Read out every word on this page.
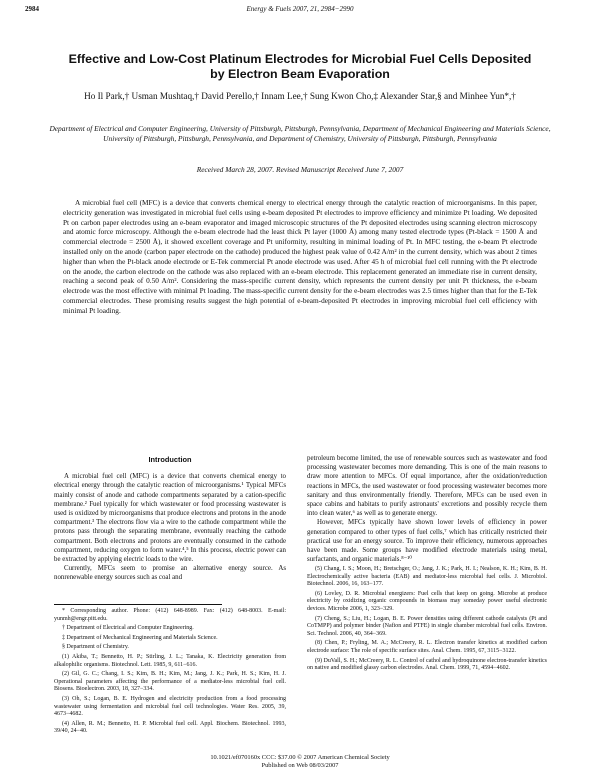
2984	Energy & Fuels 2007, 21, 2984−2990
Effective and Low-Cost Platinum Electrodes for Microbial Fuel Cells Deposited by Electron Beam Evaporation
Ho Il Park,† Usman Mushtaq,† David Perello,† Innam Lee,† Sung Kwon Cho,‡ Alexander Star,§ and Minhee Yun*,†
Department of Electrical and Computer Engineering, University of Pittsburgh, Pittsburgh, Pennsylvania, Department of Mechanical Engineering and Materials Science, University of Pittsburgh, Pittsburgh, Pennsylvania, and Department of Chemistry, University of Pittsburgh, Pittsburgh, Pennsylvania
Received March 28, 2007. Revised Manuscript Received June 7, 2007
A microbial fuel cell (MFC) is a device that converts chemical energy to electrical energy through the catalytic reaction of microorganisms. In this paper, electricity generation was investigated in microbial fuel cells using e-beam deposited Pt electrodes to improve efficiency and minimize Pt loading. We deposited Pt on carbon paper electrodes using an e-beam evaporator and imaged microscopic structures of the Pt deposited electrodes using scanning electron microscopy and atomic force microscopy. Although the e-beam electrode had the least thick Pt layer (1000 Å) among many tested electrode types (Pt-black = 1500 Å and commercial electrode = 2500 Å), it showed excellent coverage and Pt uniformity, resulting in minimal loading of Pt. In MFC testing, the e-beam Pt electrode installed only on the anode (carbon paper electrode on the cathode) produced the highest peak value of 0.42 A/m² in the current density, which was about 2 times higher than when the Pt-black anode electrode or E-Tek commercial Pt anode electrode was used. After 45 h of microbial fuel cell running with the Pt electrode on the anode, the carbon electrode on the cathode was also replaced with an e-beam electrode. This replacement generated an immediate rise in current density, reaching a second peak of 0.50 A/m². Considering the mass-specific current density, which represents the current density per unit Pt thickness, the e-beam electrode was the most effective with minimal Pt loading. The mass-specific current density for the e-beam electrodes was 2.5 times higher than that for the E-Tek commercial electrodes. These promising results suggest the high potential of e-beam-deposited Pt electrodes in improving microbial fuel cell efficiency with minimal Pt loading.
Introduction

A microbial fuel cell (MFC) is a device that converts chemical energy to electrical energy through the catalytic reaction of microorganisms.¹ Typical MFCs mainly consist of anode and cathode compartments separated by a cation-specific membrane.² Fuel typically for which wastewater or food processing wastewater is used is oxidized by microorganisms that produce electrons and protons in the anode compartment.³ The electrons flow via a wire to the cathode compartment while the protons pass through the separating membrane, eventually reaching the cathode compartment. Both electrons and protons are eventually consumed in the cathode compartment, reducing oxygen to form water.⁴,⁵ In this process, electric power can be extracted by applying electric loads to the wire.

Currently, MFCs seem to promise an alternative energy source. As nonrenewable energy sources such as coal and

petroleum become limited, the use of renewable sources such as wastewater and food processing wastewater becomes more demanding. This is one of the main reasons to draw more attention to MFCs. Of equal importance, after the oxidation/reduction reactions in MFCs, the used wastewater or food processing wastewater becomes more sanitary and thus environmentally friendly. Therefore, MFCs can be used even in space cabins and habitats to purify astronauts' excretions and possibly recycle them into clean water,⁶ as well as to generate energy.

However, MFCs typically have shown lower levels of efficiency in power generation compared to other types of fuel cells,⁷ which has critically restricted their practical use for an energy source. To improve their efficiency, numerous approaches have been made. Some groups have modified electrode materials using metal, surfactants, and organic materials.⁸⁻¹⁰

* Corresponding author. Phone: (412) 648-8989. Fax: (412) 648-8003. E-mail: yunmh@engr.pitt.edu.

† Department of Electrical and Computer Engineering.

‡ Department of Mechanical Engineering and Materials Science.

§ Department of Chemistry.

(1) Akiba, T.; Bennetto, H. P.; Stirling, J. L.; Tanaka, K. Electricity generation from alkalophilic organisms. Biotechnol. Lett. 1985, 9, 611−616.

(2) Gil, G. C.; Chang, I. S.; Kim, B. H.; Kim, M.; Jang, J. K.; Park, H. S.; Kim, H. J. Operational parameters affecting the performance of a mediator-less microbial fuel cell. Biosens. Bioelectron. 2003, 18, 327−334.

(3) Oh, S.; Logan, B. E. Hydrogen and electricity production from a food processing wastewater using fermentation and microbial fuel cell technologies. Water Res. 2005, 39, 4673−4682.

(4) Allen, R. M.; Bennetto, H. P. Microbial fuel cell. Appl. Biochem. Biotechnol. 1993, 39/40, 24−40.

(5) Chang, I. S.; Moon, H.; Bretschger, O.; Jang, J. K.; Park, H. I.; Nealson, K. H.; Kim, B. H. Electrochemically active bacteria (EAB) and mediator-less microbial fuel cells. J. Microbiol. Biotechnol. 2006, 16, 163−177.

(6) Lovley, D. R. Microbial energizers: Fuel cells that keep on going. Microbe at produce electricity by oxidizing organic compounds in biomass may someday power useful electronic devices. Microbe 2006, 1, 323−329.

(7) Cheng, S.; Liu, H.; Logan, B. E. Power densities using different cathode catalysts (Pt and CoTMPP) and polymer binder (Nafion and PTFE) in single chamber microbial fuel cells. Environ. Sci. Technol. 2006, 40, 364−369.

(8) Chen, P.; Fryling, M. A.; McCreery, R. L. Electron transfer kinetics at modified carbon electrode surface: The role of specific surface sites. Anal. Chem. 1995, 67, 3115−3122.

(9) DuVall, S. H.; McCreery, R. L. Control of cathol and hydroquinone electron-transfer kinetics on native and modified glassy carbon electrodes. Anal. Chem. 1999, 71, 4594−4602.

10.1021/ef070160x CCC: $37.00 © 2007 American Chemical Society
Published on Web 08/03/2007
